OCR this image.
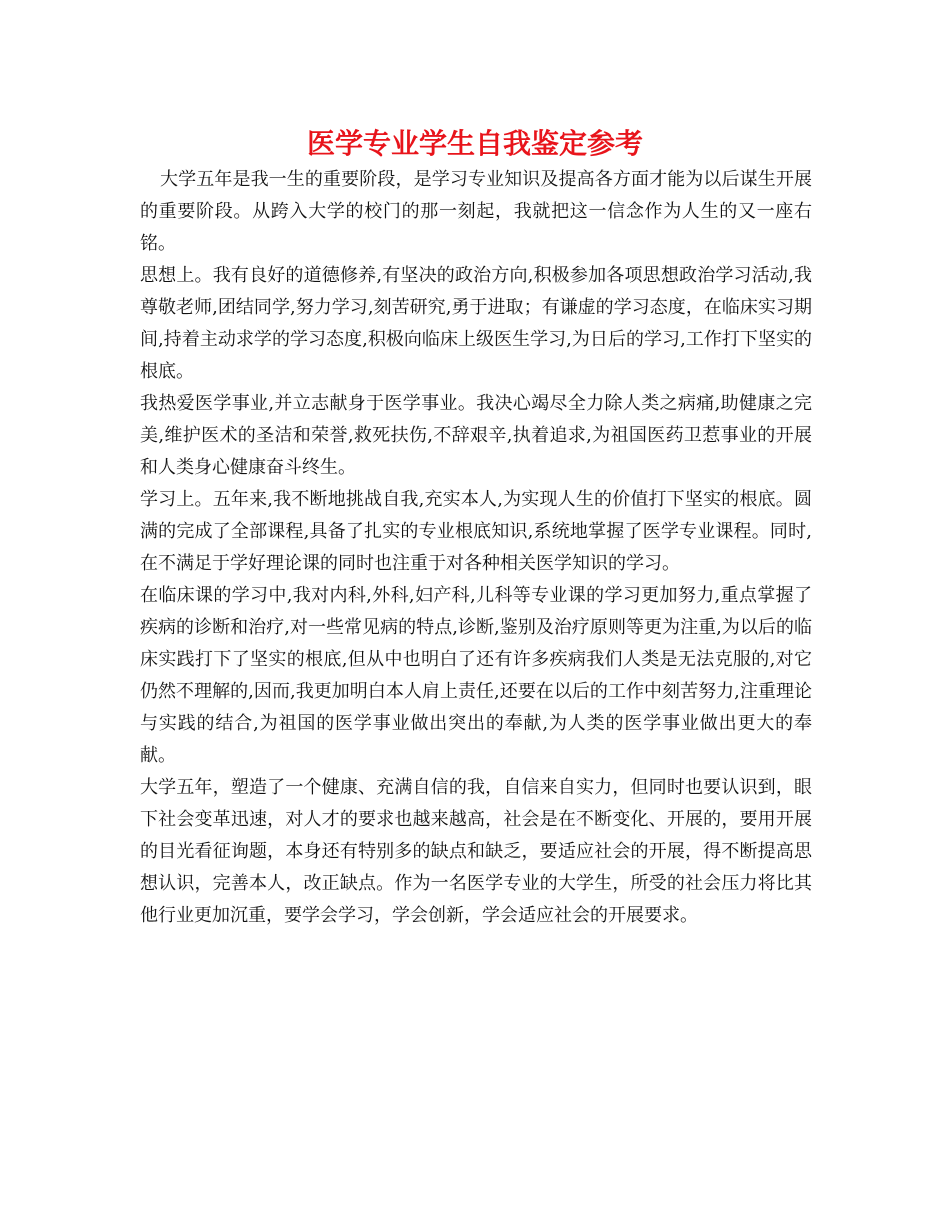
医学专业学生自我鉴定参考

大学五年是我一生的重要阶段，是学习专业知识及提高各方面才能为以后谋生开展的重要阶段。从跨入大学的校门的那一刻起，我就把这一信念作为人生的又一座右铭。

思想上。我有良好的道德修养,有坚决的政治方向,积极参加各项思想政治学习活动,我尊敬老师,团结同学,努力学习,刻苦研究,勇于进取；有谦虚的学习态度，在临床实习期间,持着主动求学的学习态度,积极向临床上级医生学习,为日后的学习,工作打下坚实的根底。

我热爱医学事业,并立志献身于医学事业。我决心竭尽全力除人类之病痛,助健康之完美,维护医术的圣洁和荣誉,救死扶伤,不辞艰辛,执着追求,为祖国医药卫惹事业的开展和人类身心健康奋斗终生。

学习上。五年来,我不断地挑战自我,充实本人,为实现人生的价值打下坚实的根底。圆满的完成了全部课程,具备了扎实的专业根底知识,系统地掌握了医学专业课程。同时,在不满足于学好理论课的同时也注重于对各种相关医学知识的学习。

在临床课的学习中,我对内科,外科,妇产科,儿科等专业课的学习更加努力,重点掌握了疾病的诊断和治疗,对一些常见病的特点,诊断,鉴别及治疗原则等更为注重,为以后的临床实践打下了坚实的根底,但从中也明白了还有许多疾病我们人类是无法克服的,对它仍然不理解的,因而,我更加明白本人肩上责任,还要在以后的工作中刻苦努力,注重理论与实践的结合,为祖国的医学事业做出突出的奉献,为人类的医学事业做出更大的奉献。

大学五年，塑造了一个健康、充满自信的我，自信来自实力，但同时也要认识到，眼下社会变革迅速，对人才的要求也越来越高，社会是在不断变化、开展的，要用开展的目光看征询题，本身还有特别多的缺点和缺乏，要适应社会的开展，得不断提高思想认识，完善本人，改正缺点。作为一名医学专业的大学生，所受的社会压力将比其他行业更加沉重，要学会学习，学会创新，学会适应社会的开展要求。
